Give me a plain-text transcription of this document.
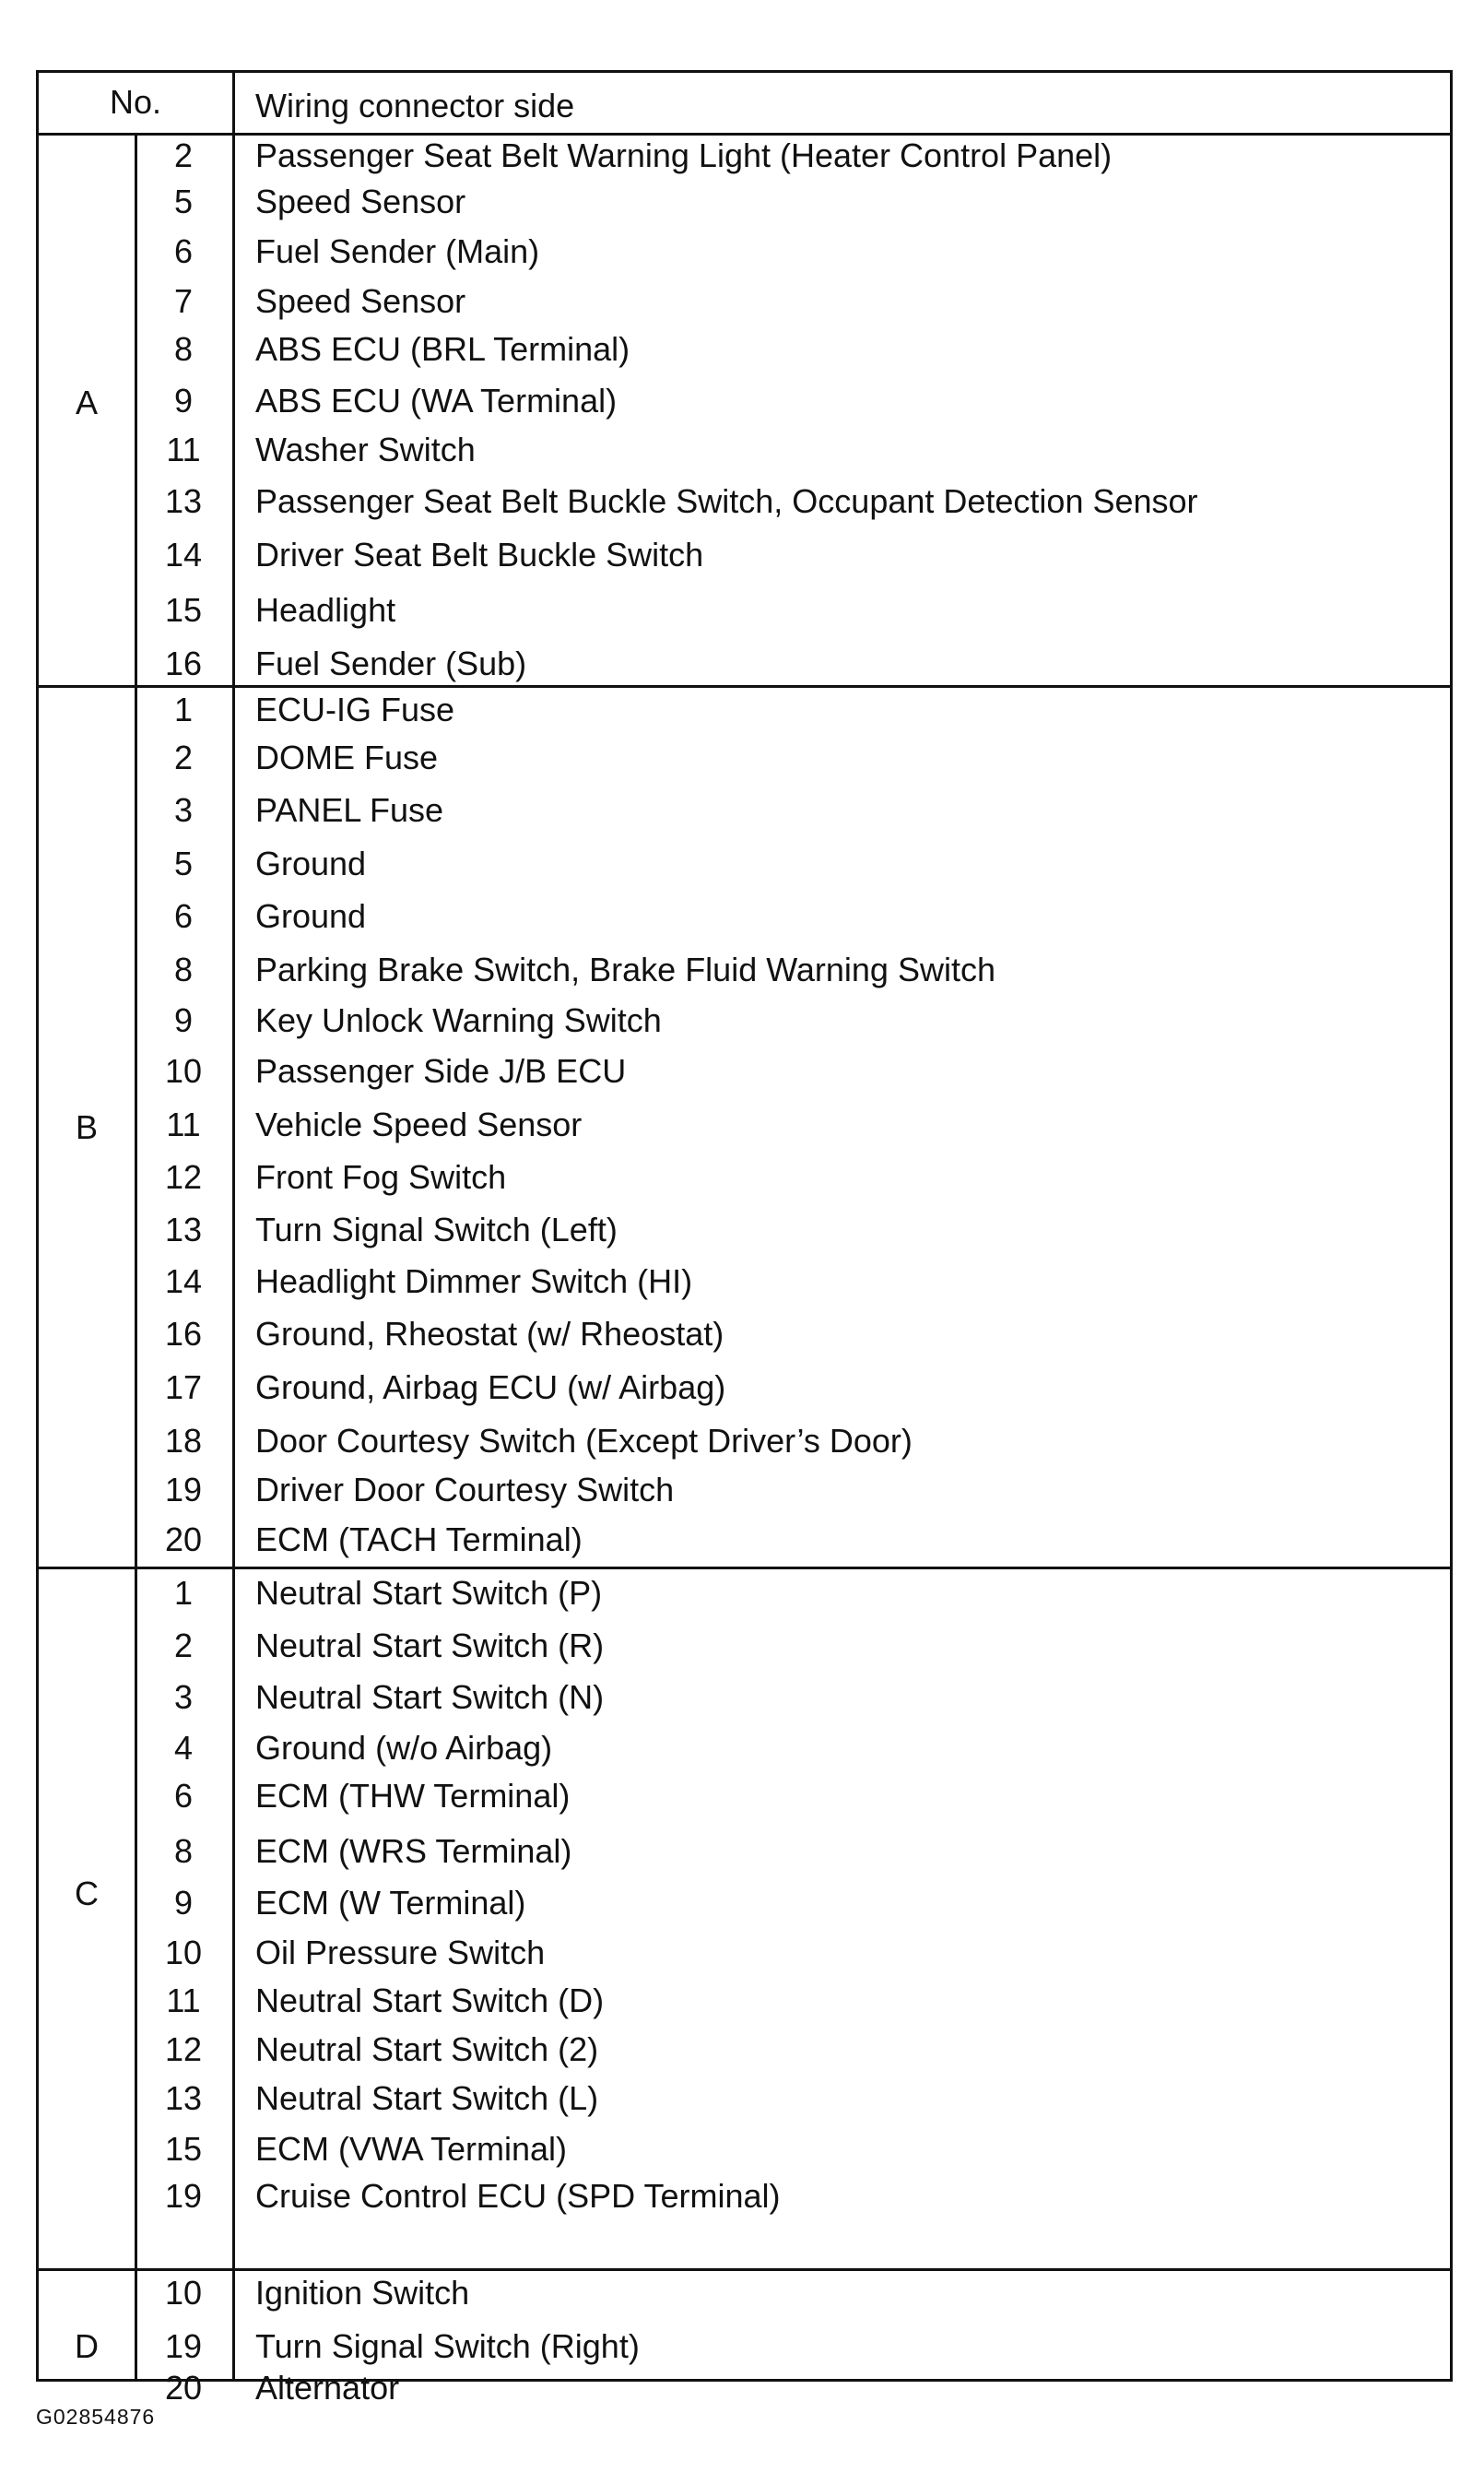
No.	Wiring connector side
A
2	Passenger Seat Belt Warning Light (Heater Control Panel)
5	Speed Sensor
6	Fuel Sender (Main)
7	Speed Sensor
8	ABS ECU (BRL Terminal)
9	ABS ECU (WA Terminal)
11	Washer Switch
13	Passenger Seat Belt Buckle Switch, Occupant Detection Sensor
14	Driver Seat Belt Buckle Switch
15	Headlight
16	Fuel Sender (Sub)
B
1	ECU-IG Fuse
2	DOME Fuse
3	PANEL Fuse
5	Ground
6	Ground
8	Parking Brake Switch, Brake Fluid Warning Switch
9	Key Unlock Warning Switch
10	Passenger Side J/B ECU
11	Vehicle Speed Sensor
12	Front Fog Switch
13	Turn Signal Switch (Left)
14	Headlight Dimmer Switch (HI)
16	Ground, Rheostat (w/ Rheostat)
17	Ground, Airbag ECU (w/ Airbag)
18	Door Courtesy Switch (Except Driver’s Door)
19	Driver Door Courtesy Switch
20	ECM (TACH Terminal)
C
1	Neutral Start Switch (P)
2	Neutral Start Switch (R)
3	Neutral Start Switch (N)
4	Ground (w/o Airbag)
6	ECM (THW Terminal)
8	ECM (WRS Terminal)
9	ECM (W Terminal)
10	Oil Pressure Switch
11	Neutral Start Switch (D)
12	Neutral Start Switch (2)
13	Neutral Start Switch (L)
15	ECM (VWA Terminal)
19	Cruise Control ECU (SPD Terminal)
D
10	Ignition Switch
19	Turn Signal Switch (Right)
20	Alternator
G02854876
